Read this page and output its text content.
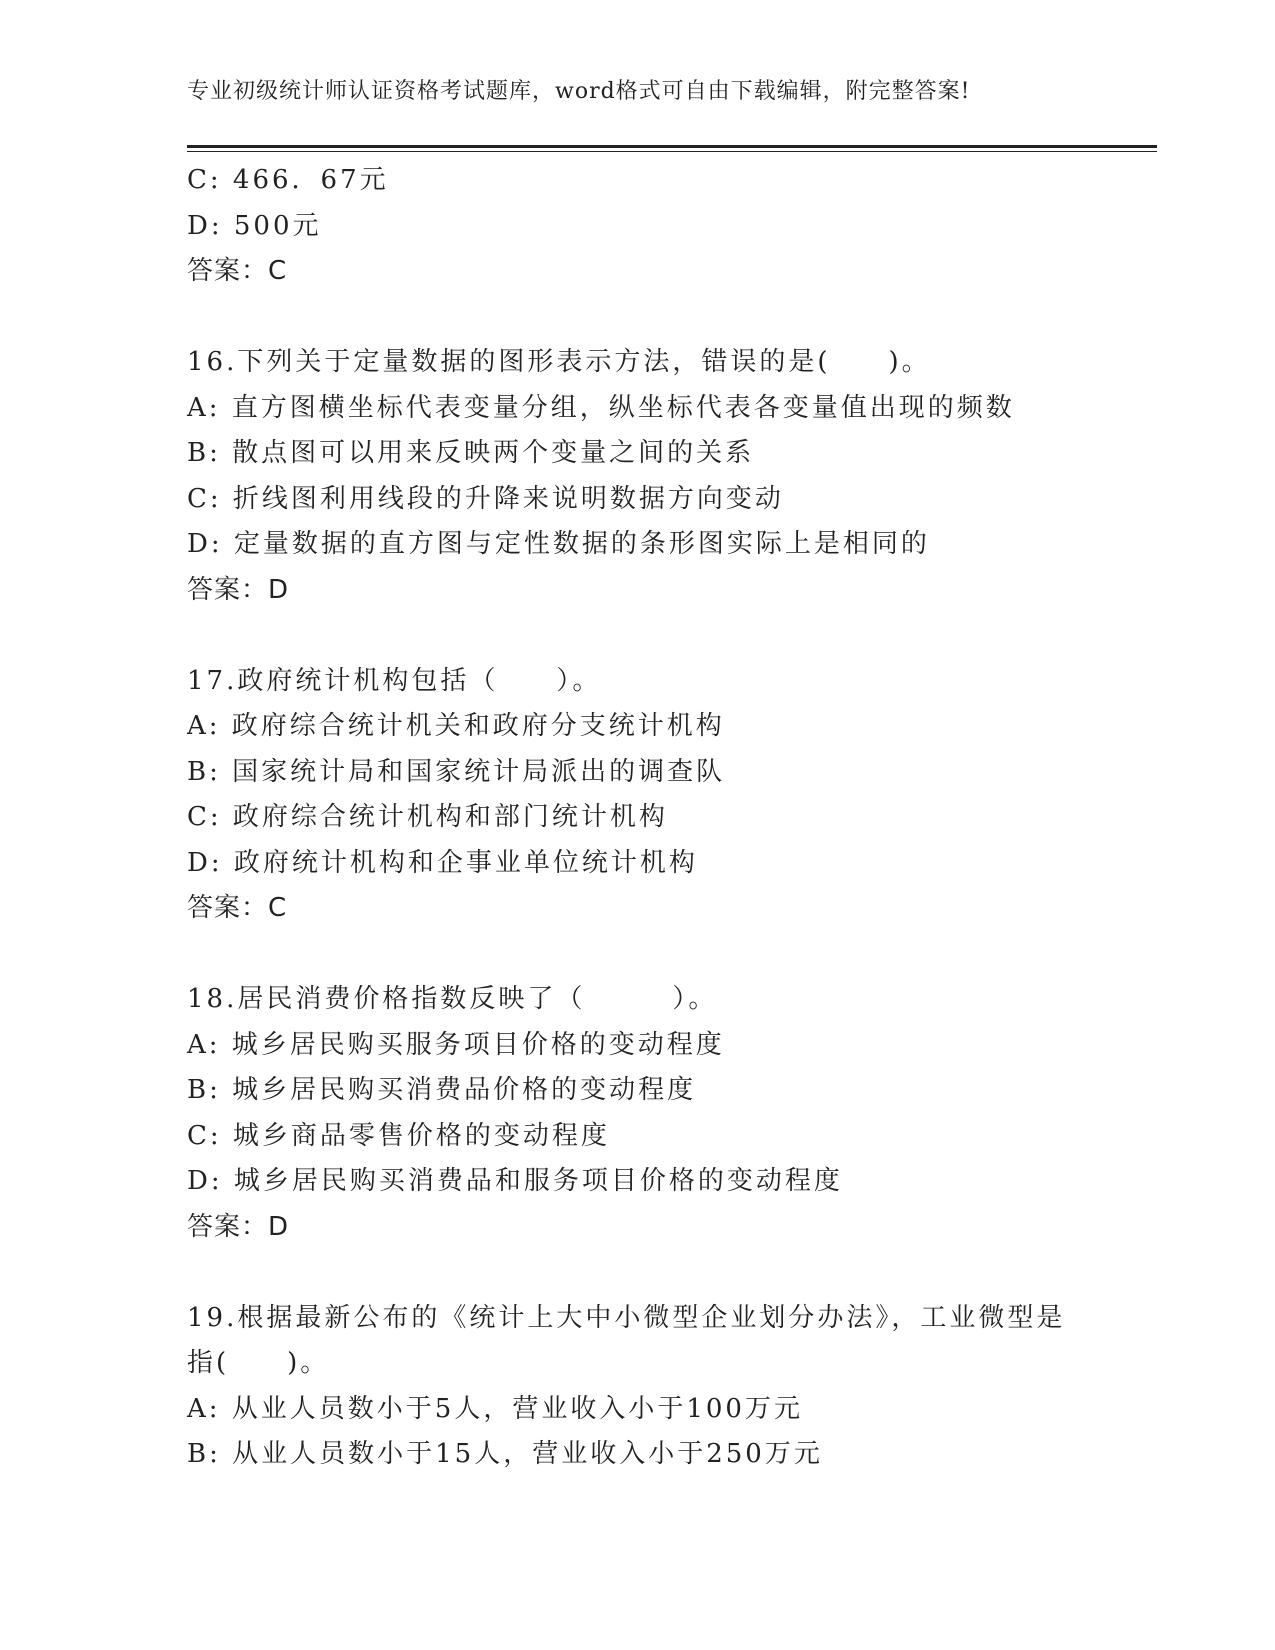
专业初级统计师认证资格考试题库，word格式可自由下载编辑，附完整答案!
C: 466．67元
D: 500元
答案：C
16.下列关于定量数据的图形表示方法，错误的是(　　)。
A: 直方图横坐标代表变量分组，纵坐标代表各变量值出现的频数
B: 散点图可以用来反映两个变量之间的关系
C: 折线图利用线段的升降来说明数据方向变动
D: 定量数据的直方图与定性数据的条形图实际上是相同的
答案：D
17.政府统计机构包括（　　）。
A: 政府综合统计机关和政府分支统计机构
B: 国家统计局和国家统计局派出的调查队
C: 政府综合统计机构和部门统计机构
D: 政府统计机构和企事业单位统计机构
答案：C
18.居民消费价格指数反映了（　　　）。
A: 城乡居民购买服务项目价格的变动程度
B: 城乡居民购买消费品价格的变动程度
C: 城乡商品零售价格的变动程度
D: 城乡居民购买消费品和服务项目价格的变动程度
答案：D
19.根据最新公布的《统计上大中小微型企业划分办法》，工业微型是
指(　　)。
A: 从业人员数小于5人，营业收入小于100万元
B: 从业人员数小于15人，营业收入小于250万元
